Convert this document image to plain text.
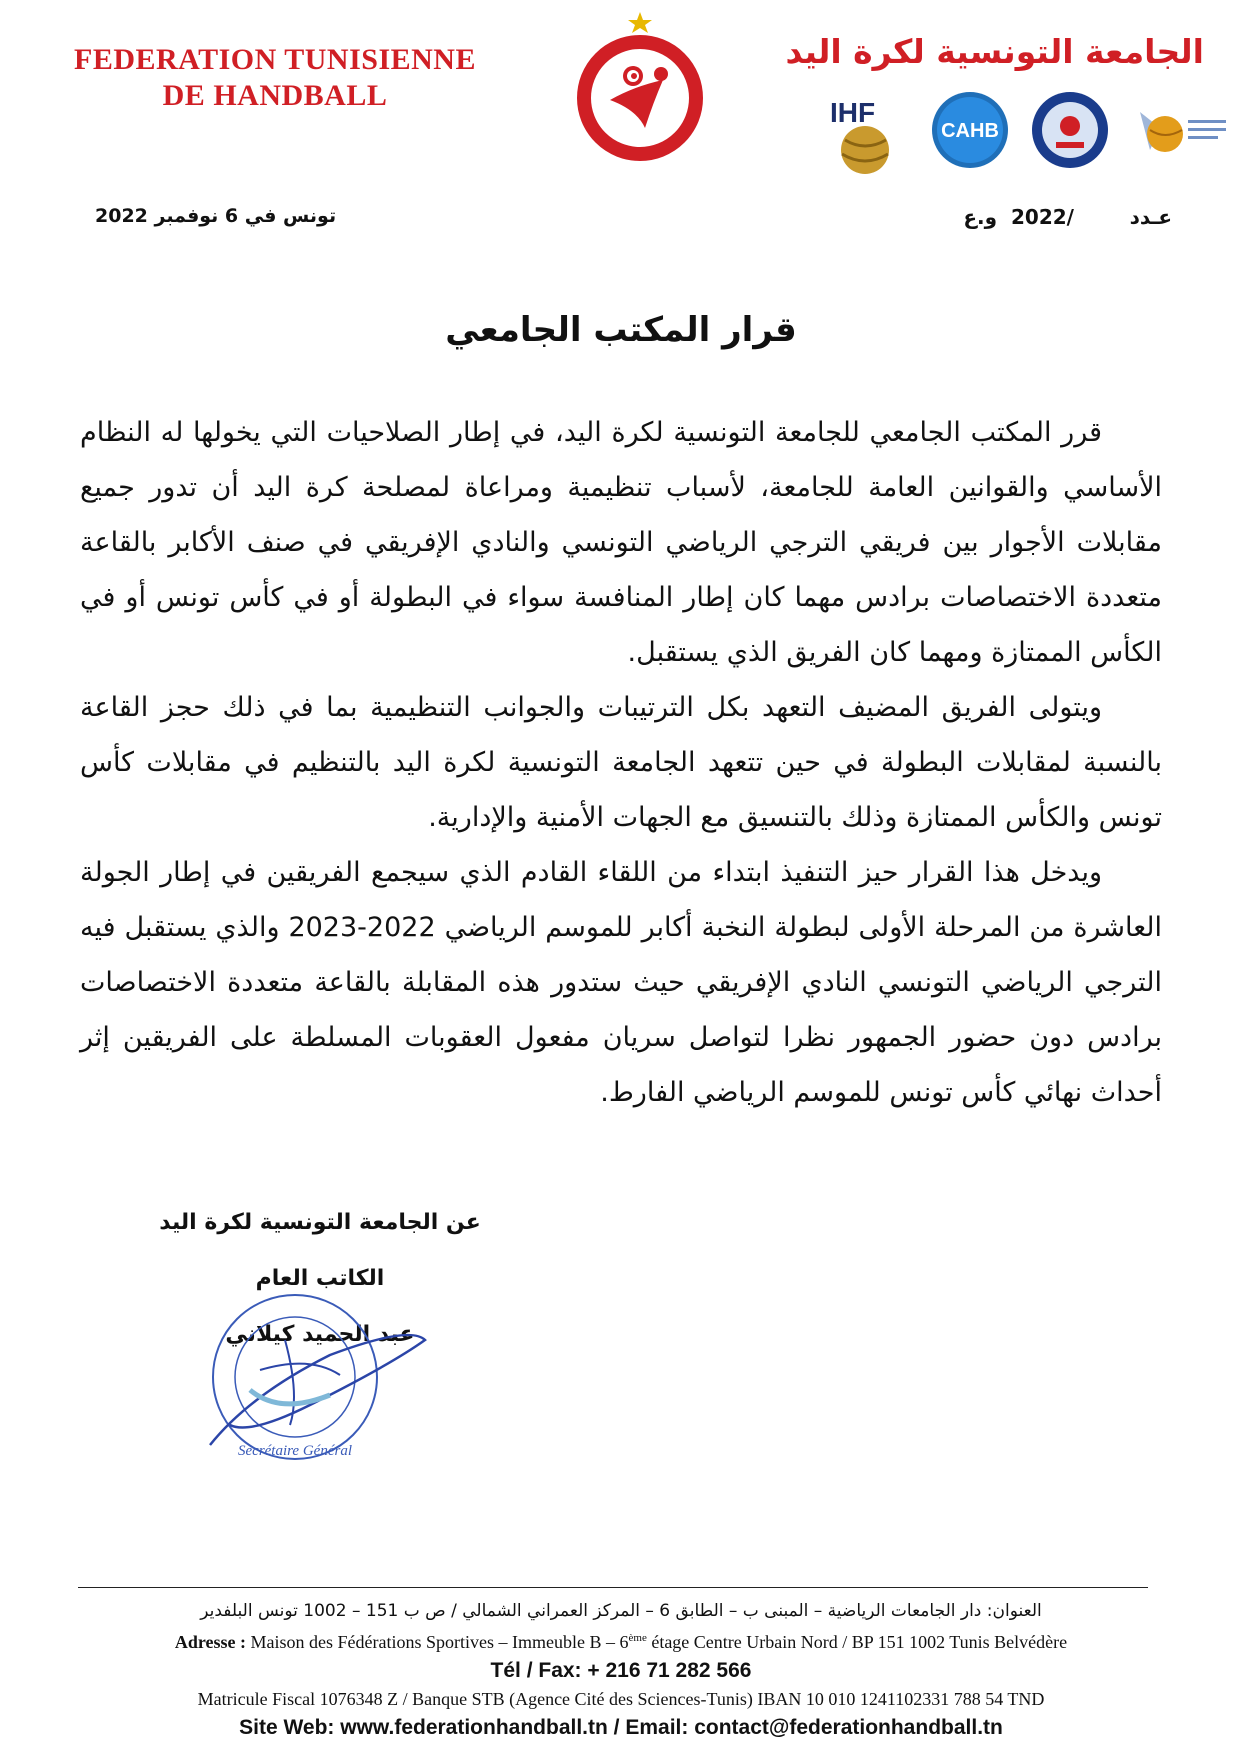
FEDERATION TUNISIENNE
DE HANDBALL
الجامعة التونسية لكرة اليد
IHF
CAHB
عـدد        /2022  و.ع
تونس في 6 نوفمبر 2022
قرار المكتب الجامعي

قرر المكتب الجامعي للجامعة التونسية لكرة اليد، في إطار الصلاحيات التي يخولها له النظام الأساسي والقوانين العامة للجامعة، لأسباب تنظيمية ومراعاة لمصلحة كرة اليد أن تدور جميع مقابلات الأجوار بين فريقي الترجي الرياضي التونسي والنادي الإفريقي في صنف الأكابر بالقاعة متعددة الاختصاصات برادس مهما كان إطار المنافسة سواء في البطولة أو في كأس تونس أو في الكأس الممتازة ومهما كان الفريق الذي يستقبل.

ويتولى الفريق المضيف التعهد بكل الترتيبات والجوانب التنظيمية بما في ذلك حجز القاعة بالنسبة لمقابلات البطولة في حين تتعهد الجامعة التونسية لكرة اليد بالتنظيم في مقابلات كأس تونس والكأس الممتازة وذلك بالتنسيق مع الجهات الأمنية والإدارية.

ويدخل هذا القرار حيز التنفيذ ابتداء من اللقاء القادم الذي سيجمع الفريقين في إطار الجولة العاشرة من المرحلة الأولى لبطولة النخبة أكابر للموسم الرياضي 2022-2023 والذي يستقبل فيه الترجي الرياضي التونسي النادي الإفريقي حيث ستدور هذه المقابلة بالقاعة متعددة الاختصاصات برادس دون حضور الجمهور نظرا لتواصل سريان مفعول العقوبات المسلطة على الفريقين إثر أحداث نهائي كأس تونس للموسم الرياضي الفارط.

عن الجامعة التونسية لكرة اليد
الكاتب العام
عبد الحميد كيلاني
Secrétaire Général
العنوان: دار الجامعات الرياضية – المبنى ب – الطابق 6 – المركز العمراني الشمالي / ص ب 151 – 1002 تونس البلفدير
Adresse : Maison des Fédérations Sportives – Immeuble B – 6ème étage Centre Urbain Nord / BP 151 1002 Tunis Belvédère
Tél / Fax: + 216 71 282 566
Matricule Fiscal 1076348 Z / Banque STB (Agence Cité des Sciences-Tunis) IBAN 10 010 1241102331 788 54 TND
Site Web: www.federationhandball.tn / Email: contact@federationhandball.tn
